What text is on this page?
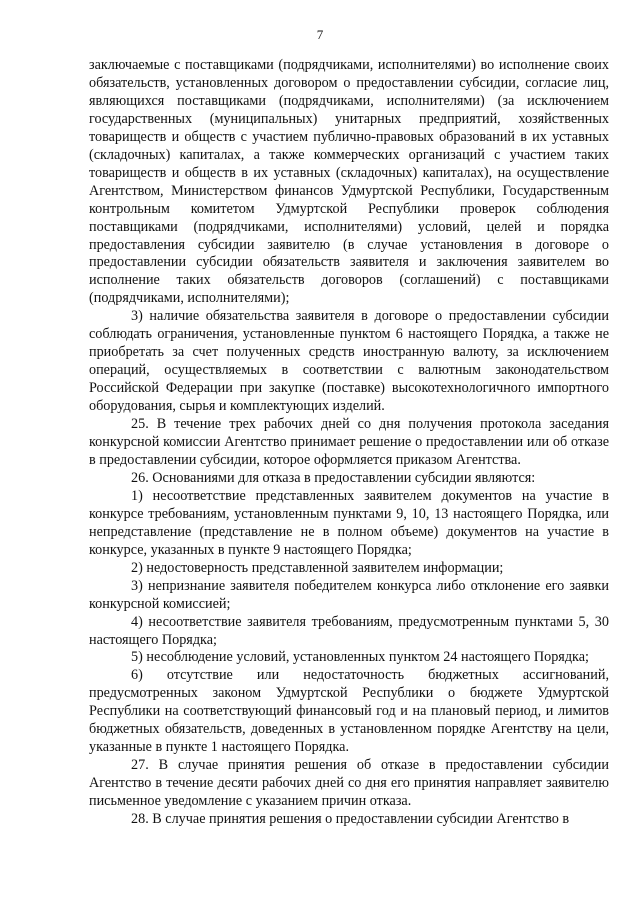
7

заключаемые с поставщиками (подрядчиками, исполнителями) во исполнение своих обязательств, установленных договором о предоставлении субсидии, согласие лиц, являющихся поставщиками (подрядчиками, исполнителями) (за исключением государственных (муниципальных) унитарных предприятий, хозяйственных товариществ и обществ с участием публично-правовых образований в их уставных (складочных) капиталах, а также коммерческих организаций с участием таких товариществ и обществ в их уставных (складочных) капиталах), на осуществление Агентством, Министерством финансов Удмуртской Республики, Государственным контрольным комитетом Удмуртской Республики проверок соблюдения поставщиками (подрядчиками, исполнителями) условий, целей и порядка предоставления субсидии заявителю (в случае установления в договоре о предоставлении субсидии обязательств заявителя и заключения заявителем во исполнение таких обязательств договоров (соглашений) с поставщиками (подрядчиками, исполнителями);

3) наличие обязательства заявителя в договоре о предоставлении субсидии соблюдать ограничения, установленные пунктом 6 настоящего Порядка, а также не приобретать за счет полученных средств иностранную валюту, за исключением операций, осуществляемых в соответствии с валютным законодательством Российской Федерации при закупке (поставке) высокотехнологичного импортного оборудования, сырья и комплектующих изделий.

25. В течение трех рабочих дней со дня получения протокола заседания конкурсной комиссии Агентство принимает решение о предоставлении или об отказе в предоставлении субсидии, которое оформляется приказом Агентства.

26. Основаниями для отказа в предоставлении субсидии являются:

1) несоответствие представленных заявителем документов на участие в конкурсе требованиям, установленным пунктами 9, 10, 13 настоящего Порядка, или непредставление (представление не в полном объеме) документов на участие в конкурсе, указанных в пункте 9 настоящего Порядка;

2) недостоверность представленной заявителем информации;

3) непризнание заявителя победителем конкурса либо отклонение его заявки конкурсной комиссией;

4) несоответствие заявителя требованиям, предусмотренным пунктами 5, 30 настоящего Порядка;

5) несоблюдение условий, установленных пунктом 24 настоящего Порядка;

6) отсутствие или недостаточность бюджетных ассигнований, предусмотренных законом Удмуртской Республики о бюджете Удмуртской Республики на соответствующий финансовый год и на плановый период, и лимитов бюджетных обязательств, доведенных в установленном порядке Агентству на цели, указанные в пункте 1 настоящего Порядка.

27. В случае принятия решения об отказе в предоставлении субсидии Агентство в течение десяти рабочих дней со дня его принятия направляет заявителю письменное уведомление с указанием причин отказа.

28. В случае принятия решения о предоставлении субсидии Агентство в
